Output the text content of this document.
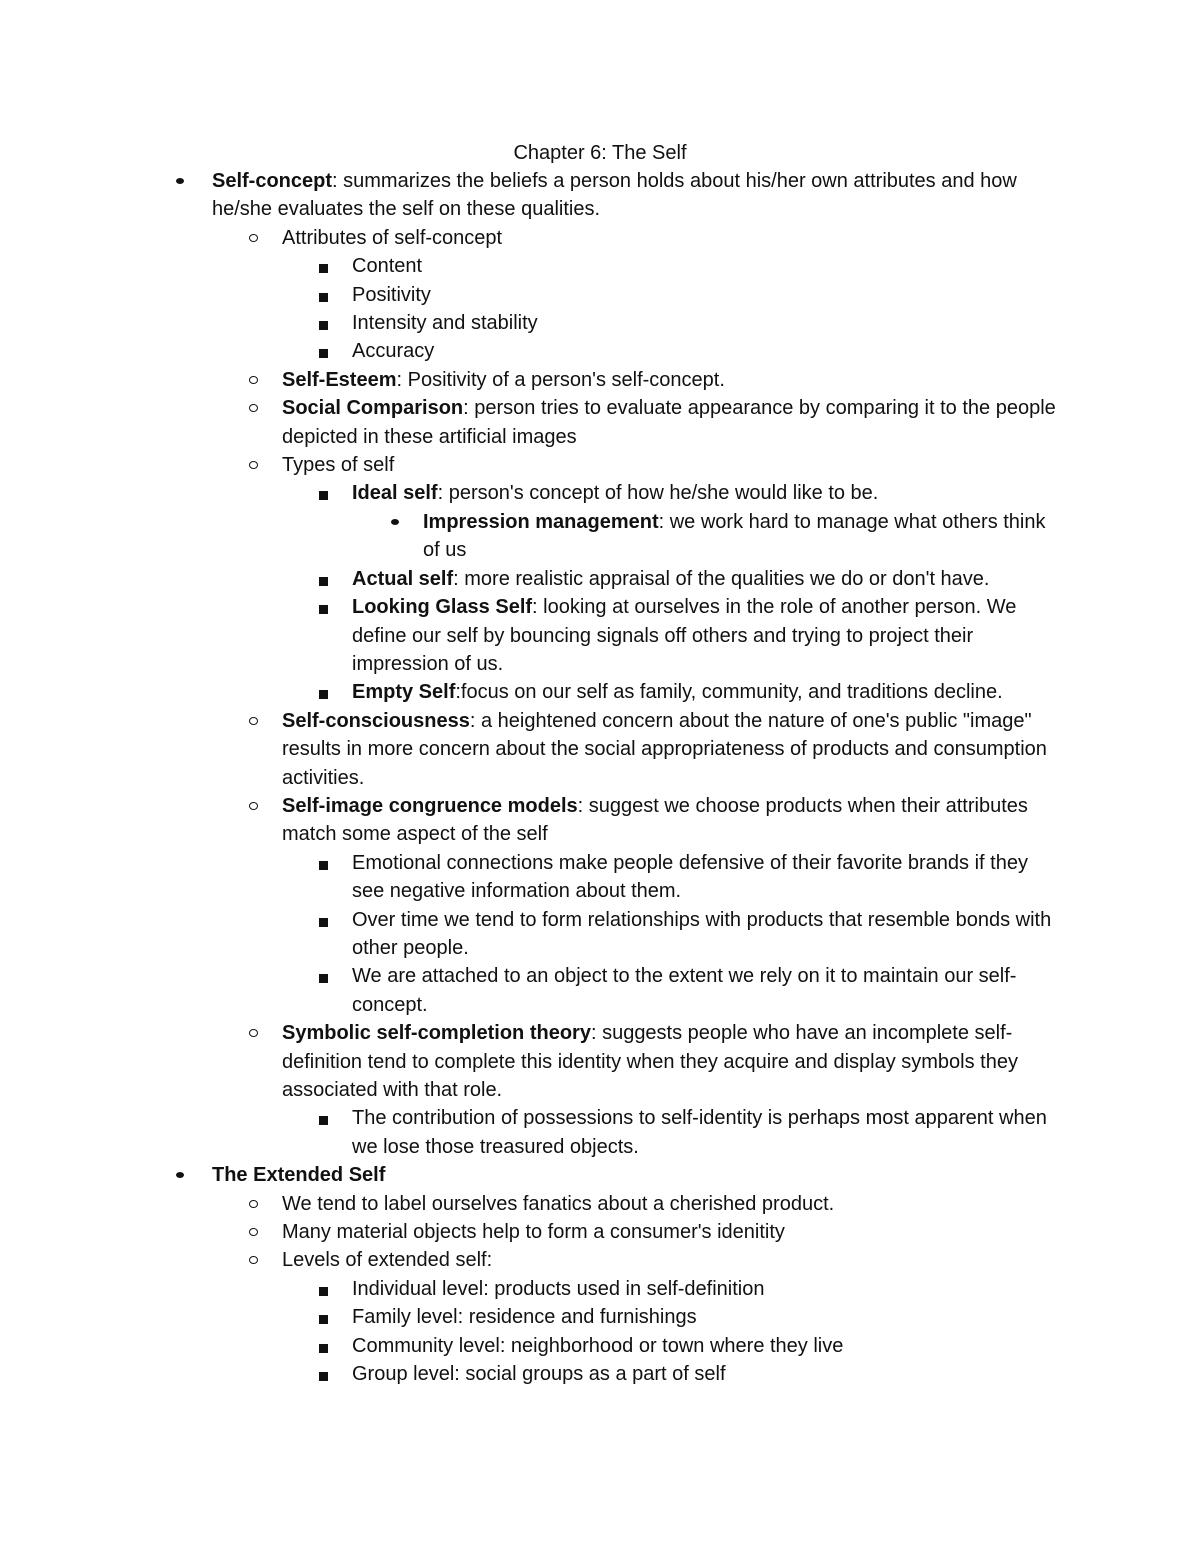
Chapter 6: The Self
Self-concept: summarizes the beliefs a person holds about his/her own attributes and how he/she evaluates the self on these qualities.
Attributes of self-concept
Content
Positivity
Intensity and stability
Accuracy
Self-Esteem: Positivity of a person's self-concept.
Social Comparison: person tries to evaluate appearance by comparing it to the people depicted in these artificial images
Types of self
Ideal self: person's concept of how he/she would like to be.
Impression management: we work hard to manage what others think of us
Actual self: more realistic appraisal of the qualities we do or don't have.
Looking Glass Self: looking at ourselves in the role of another person. We define our self by bouncing signals off others and trying to project their impression of us.
Empty Self:focus on our self as family, community, and traditions decline.
Self-consciousness: a heightened concern about the nature of one's public "image" results in more concern about the social appropriateness of products and consumption activities.
Self-image congruence models: suggest we choose products when their attributes match some aspect of the self
Emotional connections make people defensive of their favorite brands if they see negative information about them.
Over time we tend to form relationships with products that resemble bonds with other people.
We are attached to an object to the extent we rely on it to maintain our self-concept.
Symbolic self-completion theory: suggests people who have an incomplete self-definition tend to complete this identity when they acquire and display symbols they associated with that role.
The contribution of possessions to self-identity is perhaps most apparent when we lose those treasured objects.
The Extended Self
We tend to label ourselves fanatics about a cherished product.
Many material objects help to form a consumer's idenitity
Levels of extended self:
Individual level: products used in self-definition
Family level: residence and furnishings
Community level: neighborhood or town where they live
Group level: social groups as a part of self
